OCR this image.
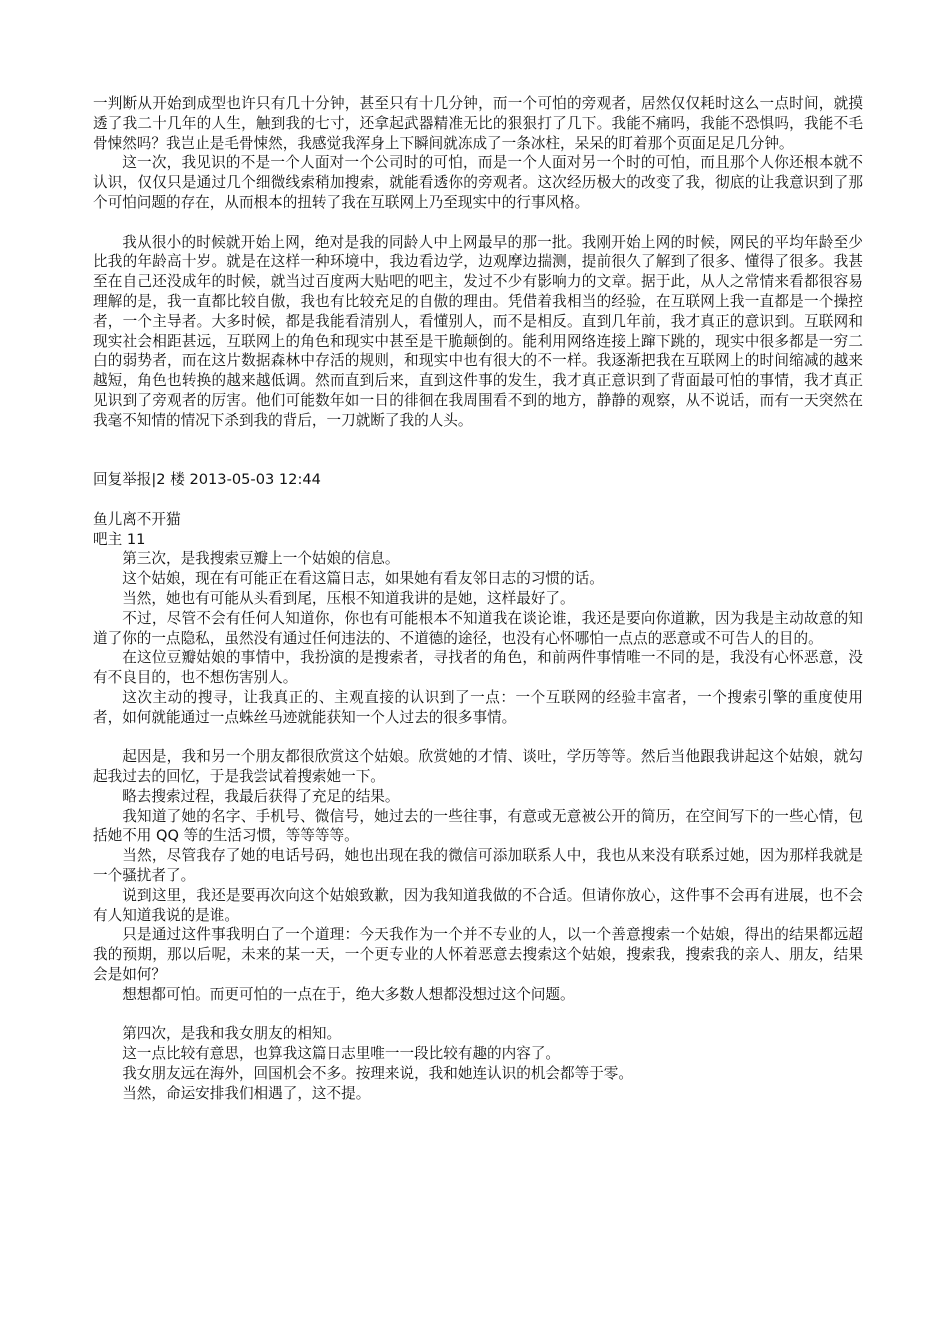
一判断从开始到成型也许只有几十分钟，甚至只有十几分钟，而一个可怕的旁观者，居然仅仅耗时这么一点时间，就摸透了我二十几年的人生，触到我的七寸，还拿起武器精准无比的狠狠打了几下。我能不痛吗，我能不恐惧吗，我能不毛骨悚然吗？我岂止是毛骨悚然，我感觉我浑身上下瞬间就冻成了一条冰柱，呆呆的盯着那个页面足足几分钟。

这一次，我见识的不是一个人面对一个公司时的可怕，而是一个人面对另一个时的可怕，而且那个人你还根本就不认识，仅仅只是通过几个细微线索稍加搜索，就能看透你的旁观者。这次经历极大的改变了我，彻底的让我意识到了那个可怕问题的存在，从而根本的扭转了我在互联网上乃至现实中的行事风格。

我从很小的时候就开始上网，绝对是我的同龄人中上网最早的那一批。我刚开始上网的时候，网民的平均年龄至少比我的年龄高十岁。就是在这样一种环境中，我边看边学，边观摩边揣测，提前很久了解到了很多、懂得了很多。我甚至在自己还没成年的时候，就当过百度两大贴吧的吧主，发过不少有影响力的文章。据于此，从人之常情来看都很容易理解的是，我一直都比较自傲，我也有比较充足的自傲的理由。凭借着我相当的经验，在互联网上我一直都是一个操控者，一个主导者。大多时候，都是我能看清别人，看懂别人，而不是相反。直到几年前，我才真正的意识到。互联网和现实社会相距甚远，互联网上的角色和现实中甚至是干脆颠倒的。能利用网络连接上蹿下跳的，现实中很多都是一穷二白的弱势者，而在这片数据森林中存活的规则，和现实中也有很大的不一样。我逐渐把我在互联网上的时间缩减的越来越短，角色也转换的越来越低调。然而直到后来，直到这件事的发生，我才真正意识到了背面最可怕的事情，我才真正见识到了旁观者的厉害。他们可能数年如一日的徘徊在我周围看不到的地方，静静的观察，从不说话，而有一天突然在我毫不知情的情况下杀到我的背后，一刀就断了我的人头。

回复举报|2 楼 2013-05-03 12:44

鱼儿离不开猫

吧主 11

第三次，是我搜索豆瓣上一个姑娘的信息。

这个姑娘，现在有可能正在看这篇日志，如果她有看友邻日志的习惯的话。

当然，她也有可能从头看到尾，压根不知道我讲的是她，这样最好了。

不过，尽管不会有任何人知道你，你也有可能根本不知道我在谈论谁，我还是要向你道歉，因为我是主动故意的知道了你的一点隐私，虽然没有通过任何违法的、不道德的途径，也没有心怀哪怕一点点的恶意或不可告人的目的。

在这位豆瓣姑娘的事情中，我扮演的是搜索者，寻找者的角色，和前两件事情唯一不同的是，我没有心怀恶意，没有不良目的，也不想伤害别人。

这次主动的搜寻，让我真正的、主观直接的认识到了一点：一个互联网的经验丰富者，一个搜索引擎的重度使用者，如何就能通过一点蛛丝马迹就能获知一个人过去的很多事情。

起因是，我和另一个朋友都很欣赏这个姑娘。欣赏她的才情、谈吐，学历等等。然后当他跟我讲起这个姑娘，就勾起我过去的回忆，于是我尝试着搜索她一下。

略去搜索过程，我最后获得了充足的结果。

我知道了她的名字、手机号、微信号，她过去的一些往事，有意或无意被公开的简历，在空间写下的一些心情，包括她不用 QQ 等的生活习惯，等等等等。

当然，尽管我存了她的电话号码，她也出现在我的微信可添加联系人中，我也从来没有联系过她，因为那样我就是一个骚扰者了。

说到这里，我还是要再次向这个姑娘致歉，因为我知道我做的不合适。但请你放心，这件事不会再有进展，也不会有人知道我说的是谁。

只是通过这件事我明白了一个道理：今天我作为一个并不专业的人，以一个善意搜索一个姑娘，得出的结果都远超我的预期，那以后呢，未来的某一天，一个更专业的人怀着恶意去搜索这个姑娘，搜索我，搜索我的亲人、朋友，结果会是如何？

想想都可怕。而更可怕的一点在于，绝大多数人想都没想过这个问题。

第四次，是我和我女朋友的相知。

这一点比较有意思，也算我这篇日志里唯一一段比较有趣的内容了。

我女朋友远在海外，回国机会不多。按理来说，我和她连认识的机会都等于零。

当然，命运安排我们相遇了，这不提。
